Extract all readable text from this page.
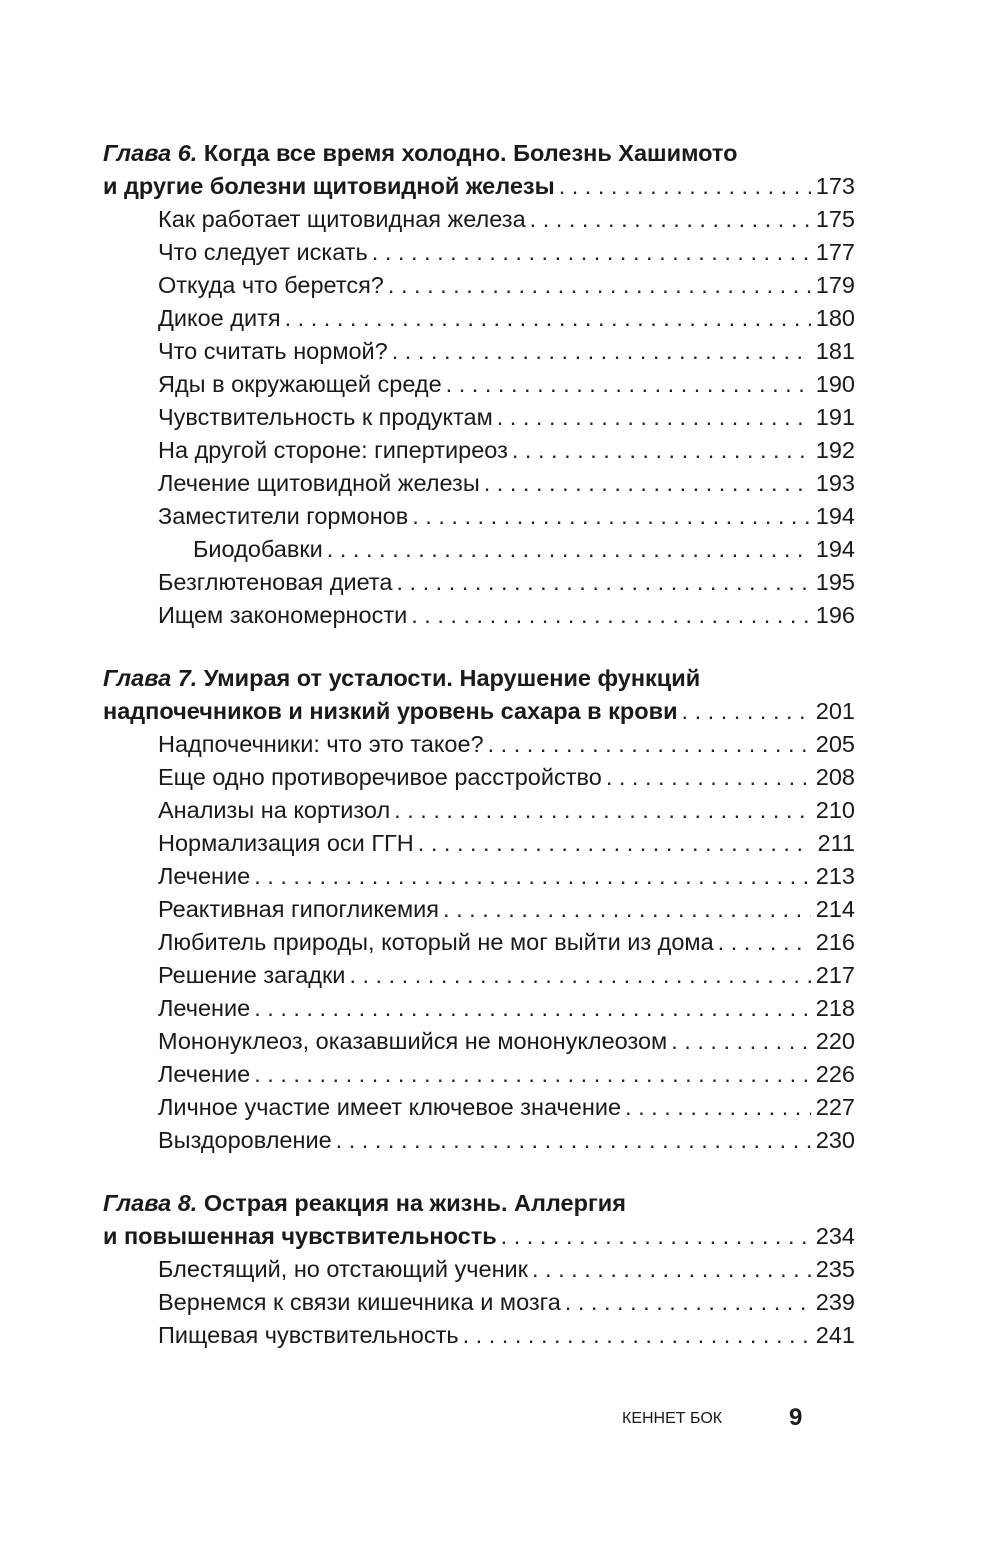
Глава 6.
Когда все время холодно. Болезнь Хашимото
и другие болезни щитовидной железы . . .	173
Как работает щитовидная железа . . .	175
Что следует искать . . .	177
Откуда что берется? . . .	179
Дикое дитя . . .	180
Что считать нормой? . . .	181
Яды в окружающей среде . . .	190
Чувствительность к продуктам . . .	191
На другой стороне: гипертиреоз . . .	192
Лечение щитовидной железы . . .	193
Заместители гормонов . . .	194
Биодобавки . . .	194
Безглютеновая диета . . .	195
Ищем закономерности . . .	196
Глава 7.
Умирая от усталости. Нарушение функций
надпочечников и низкий уровень сахара в крови . . .	201
Надпочечники: что это такое? . . .	205
Еще одно противоречивое расстройство . . .	208
Анализы на кортизол . . .	210
Нормализация оси ГГН . . .	211
Лечение . . .	213
Реактивная гипогликемия . . .	214
Любитель природы, который не мог выйти из дома . . .	216
Решение загадки . . .	217
Лечение . . .	218
Мононуклеоз, оказавшийся не мононуклеозом . . .	220
Лечение . . .	226
Личное участие имеет ключевое значение . . .	227
Выздоровление . . .	230
Глава 8.
Острая реакция на жизнь. Аллергия
и повышенная чувствительность . . .	234
Блестящий, но отстающий ученик . . .	235
Вернемся к связи кишечника и мозга . . .	239
Пищевая чувствительность . . .	241
КЕННЕТ БОК	9
